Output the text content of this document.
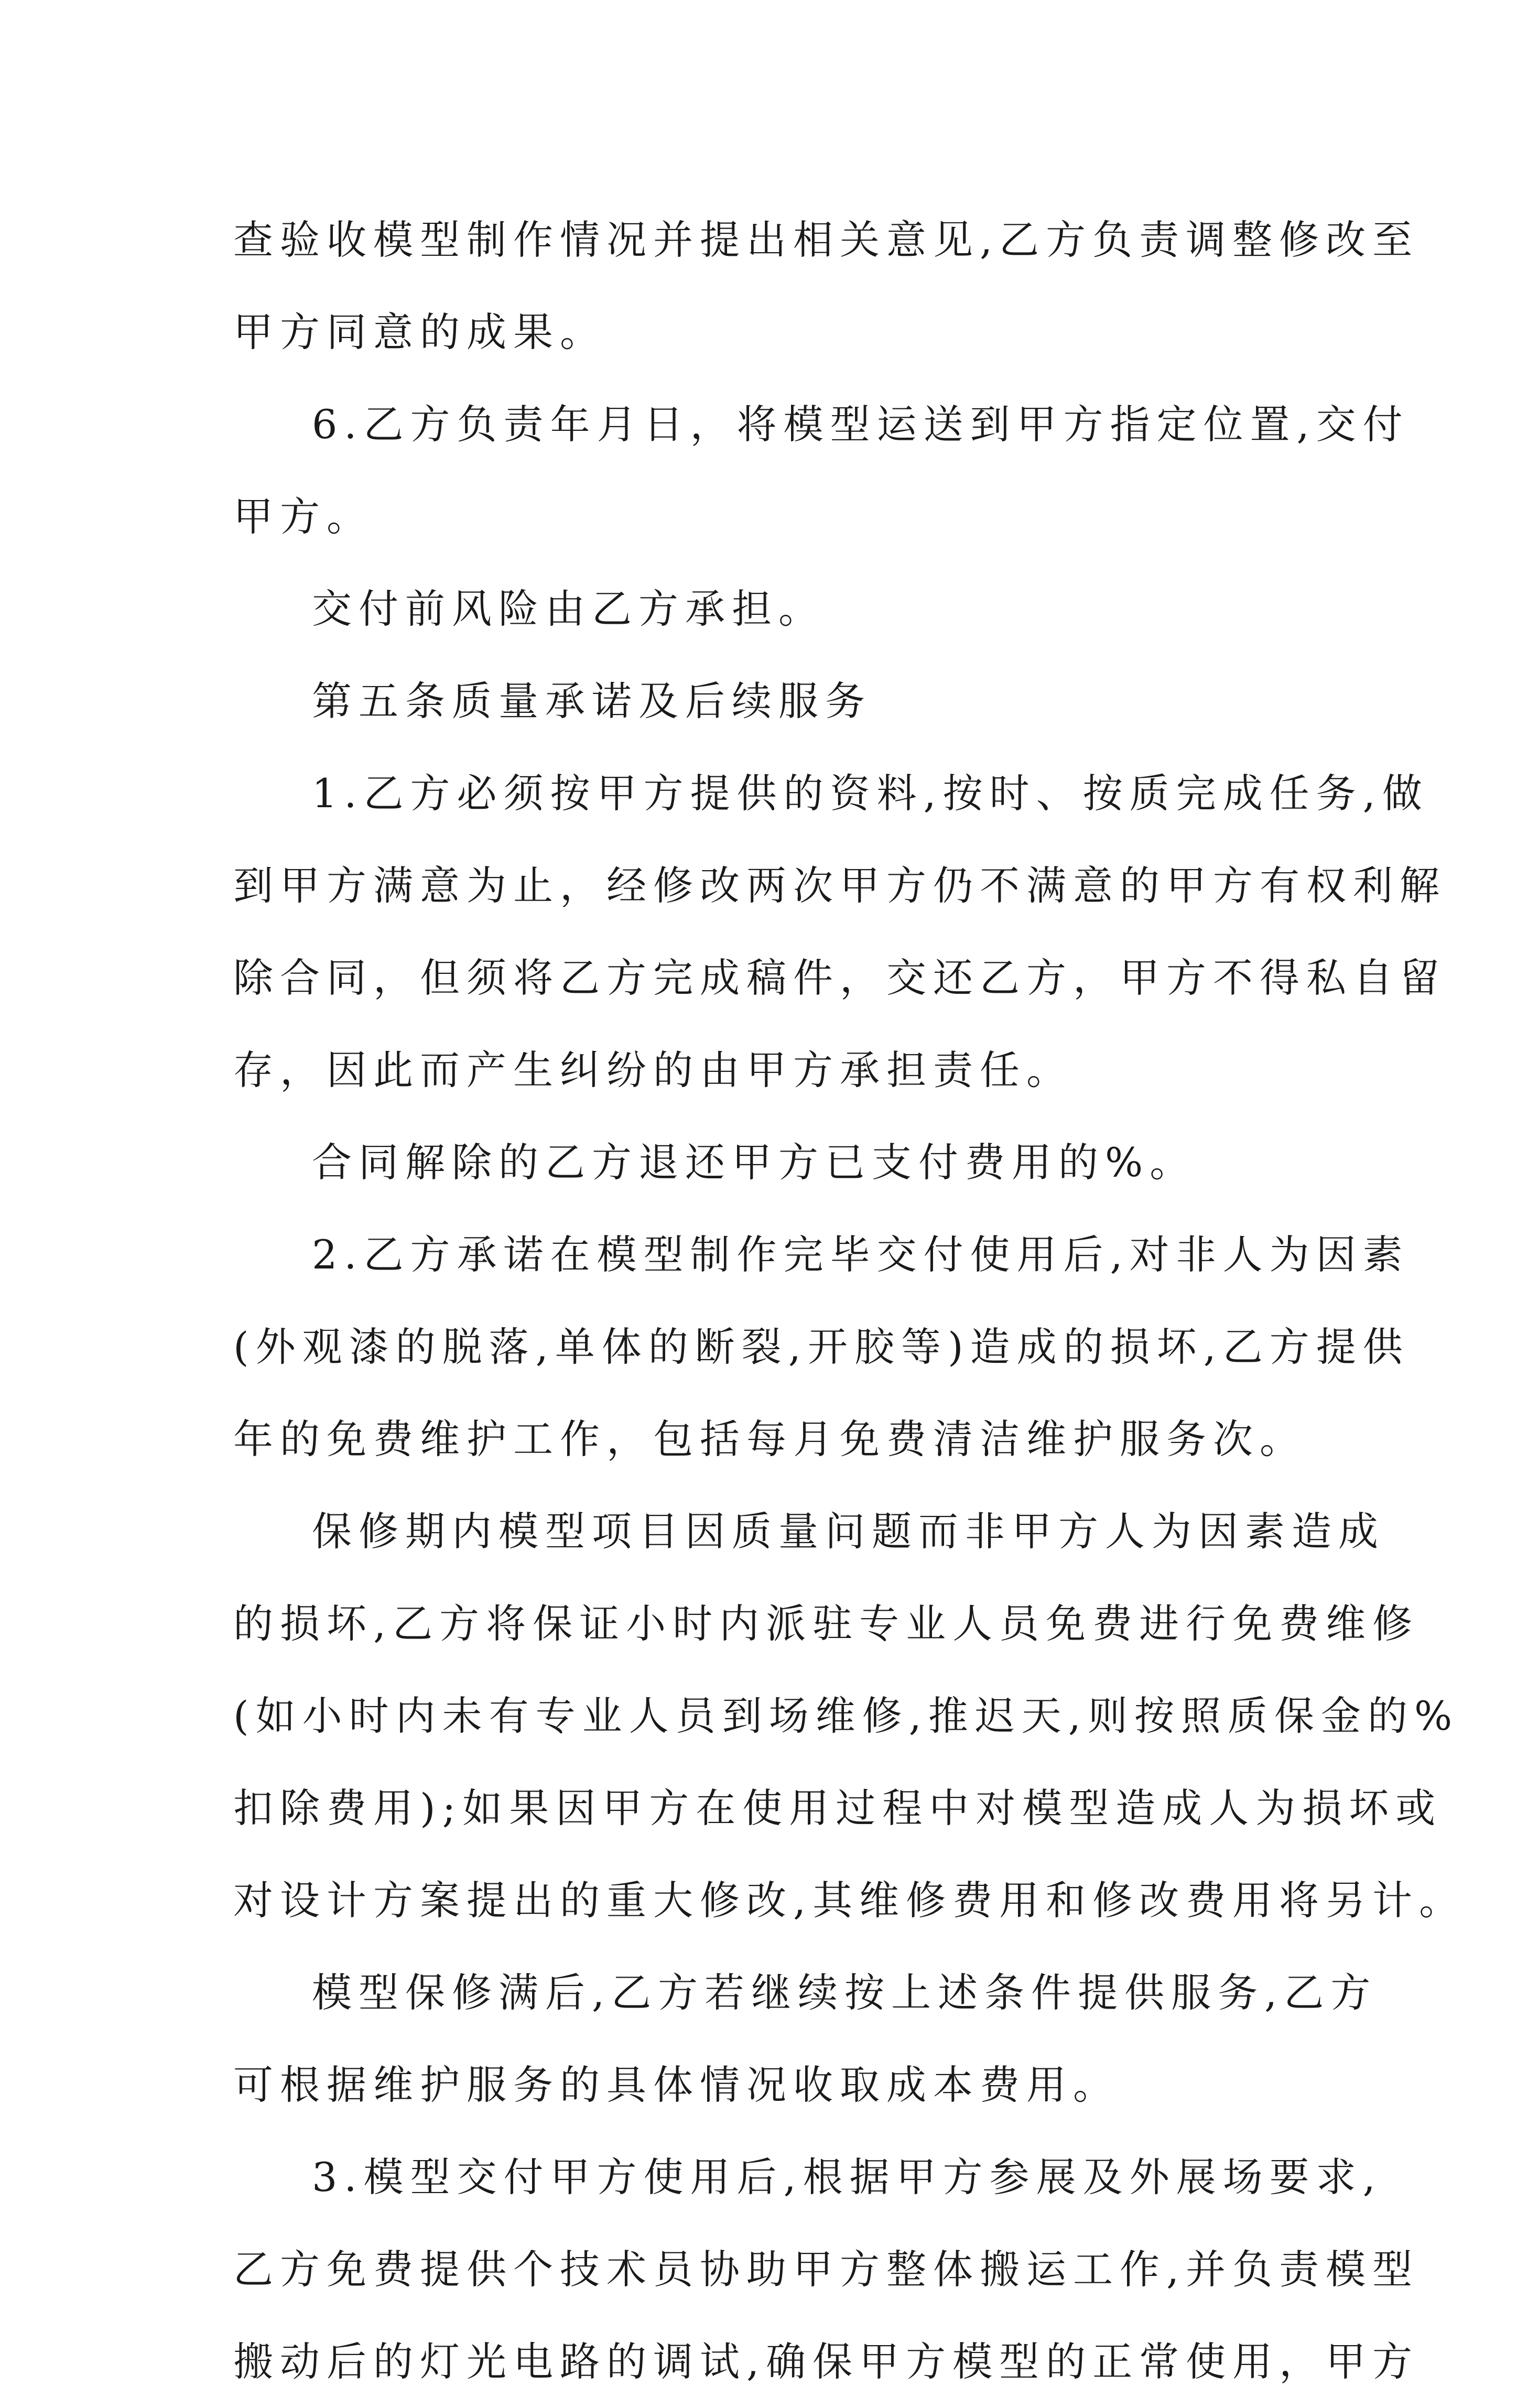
查验收模型制作情况并提出相关意见,乙方负责调整修改至
甲方同意的成果。
6.乙方负责年月日，将模型运送到甲方指定位置,交付
甲方。
交付前风险由乙方承担。
第五条质量承诺及后续服务
1.乙方必须按甲方提供的资料,按时、按质完成任务,做
到甲方满意为止，经修改两次甲方仍不满意的甲方有权利解
除合同，但须将乙方完成稿件，交还乙方，甲方不得私自留
存，因此而产生纠纷的由甲方承担责任。
合同解除的乙方退还甲方已支付费用的%。
2.乙方承诺在模型制作完毕交付使用后,对非人为因素
(外观漆的脱落,单体的断裂,开胶等)造成的损坏,乙方提供
年的免费维护工作，包括每月免费清洁维护服务次。
保修期内模型项目因质量问题而非甲方人为因素造成
的损坏,乙方将保证小时内派驻专业人员免费进行免费维修
(如小时内未有专业人员到场维修,推迟天,则按照质保金的%
扣除费用);如果因甲方在使用过程中对模型造成人为损坏或
对设计方案提出的重大修改,其维修费用和修改费用将另计。
模型保修满后,乙方若继续按上述条件提供服务,乙方
可根据维护服务的具体情况收取成本费用。
3.模型交付甲方使用后,根据甲方参展及外展场要求,
乙方免费提供个技术员协助甲方整体搬运工作,并负责模型
搬动后的灯光电路的调试,确保甲方模型的正常使用，甲方
